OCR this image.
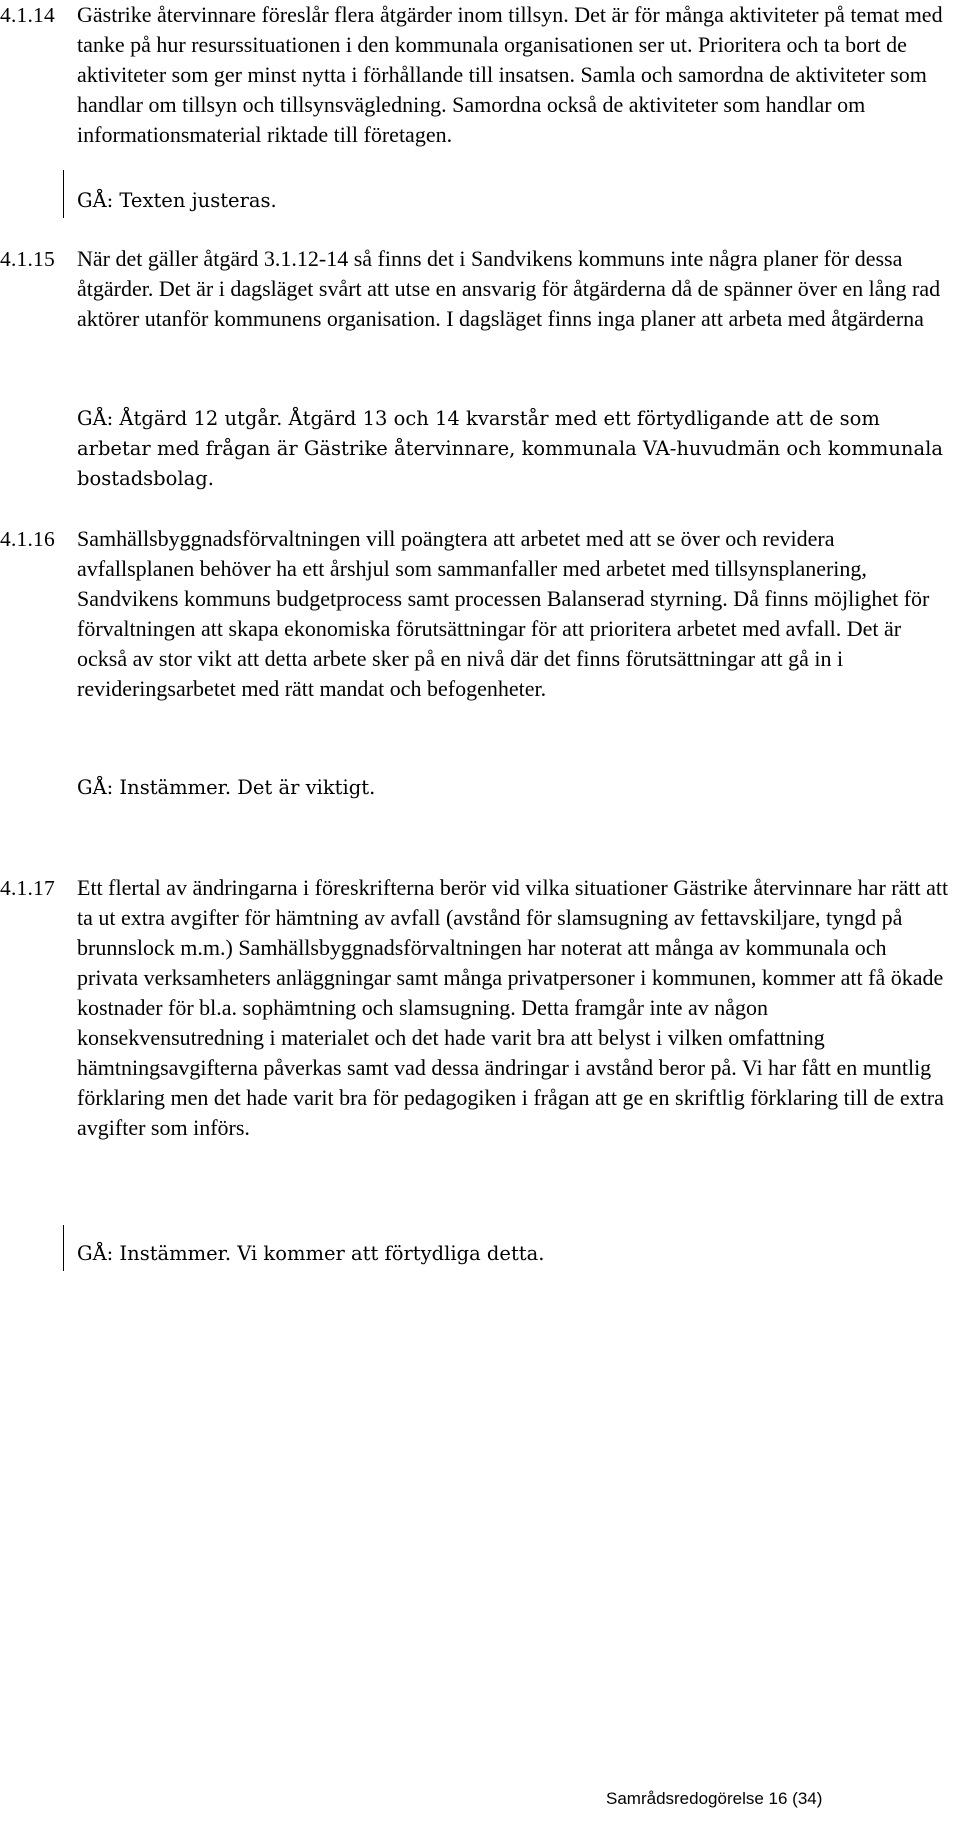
4.1.14 Gästrike återvinnare föreslår flera åtgärder inom tillsyn. Det är för många aktiviteter på temat med tanke på hur resurssituationen i den kommunala organisationen ser ut. Prioritera och ta bort de aktiviteter som ger minst nytta i förhållande till insatsen. Samla och samordna de aktiviteter som handlar om tillsyn och tillsynsvägledning. Samordna också de aktiviteter som handlar om informationsmaterial riktade till företagen.
GÅ: Texten justeras.
4.1.15 När det gäller åtgärd 3.1.12-14 så finns det i Sandvikens kommuns inte några planer för dessa åtgärder. Det är i dagsläget svårt att utse en ansvarig för åtgärderna då de spänner över en lång rad aktörer utanför kommunens organisation. I dagsläget finns inga planer att arbeta med åtgärderna
GÅ: Åtgärd 12 utgår. Åtgärd 13 och 14 kvarstår med ett förtydligande att de som arbetar med frågan är Gästrike återvinnare, kommunala VA-huvudmän och kommunala bostadsbolag.
4.1.16 Samhällsbyggnadsförvaltningen vill poängtera att arbetet med att se över och revidera avfallsplanen behöver ha ett årshjul som sammanfaller med arbetet med tillsynsplanering, Sandvikens kommuns budgetprocess samt processen Balanserad styrning. Då finns möjlighet för förvaltningen att skapa ekonomiska förutsättningar för att prioritera arbetet med avfall. Det är också av stor vikt att detta arbete sker på en nivå där det finns förutsättningar att gå in i revideringsarbetet med rätt mandat och befogenheter.
GÅ: Instämmer. Det är viktigt.
4.1.17 Ett flertal av ändringarna i föreskrifterna berör vid vilka situationer Gästrike återvinnare har rätt att ta ut extra avgifter för hämtning av avfall (avstånd för slamsugning av fettavskiljare, tyngd på brunnslock m.m.) Samhällsbyggnadsförvaltningen har noterat att många av kommunala och privata verksamheters anläggningar samt många privatpersoner i kommunen, kommer att få ökade kostnader för bl.a. sophämtning och slamsugning. Detta framgår inte av någon konsekvensutredning i materialet och det hade varit bra att belyst i vilken omfattning hämtningsavgifterna påverkas samt vad dessa ändringar i avstånd beror på. Vi har fått en muntlig förklaring men det hade varit bra för pedagogiken i frågan att ge en skriftlig förklaring till de extra avgifter som införs.
GÅ: Instämmer. Vi kommer att förtydliga detta.
Samrådsredogörelse 16 (34)
